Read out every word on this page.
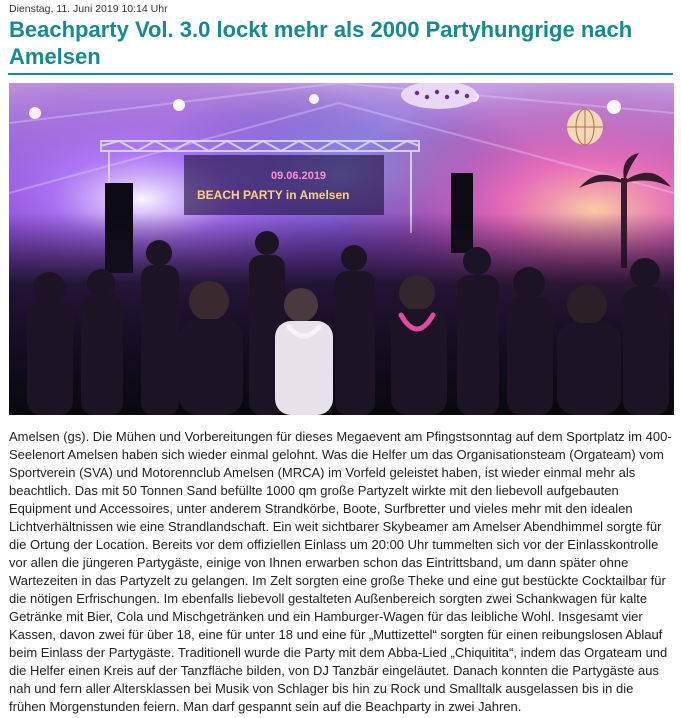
Dienstag, 11. Juni 2019 10:14 Uhr
Beachparty Vol. 3.0 lockt mehr als 2000 Partyhungrige nach Amelsen
09.06.2019
BEACH PARTY in Amelsen

Amelsen (gs). Die Mühen und Vorbereitungen für dieses Megaevent am Pfingstsonntag auf dem Sportplatz im 400-Seelenort Amelsen haben sich wieder einmal gelohnt. Was die Helfer um das Organisationsteam (Orgateam) vom Sportverein (SVA) und Motorennclub Amelsen (MRCA) im Vorfeld geleistet haben, ist wieder einmal mehr als beachtlich. Das mit 50 Tonnen Sand befüllte 1000 qm große Partyzelt wirkte mit den liebevoll aufgebauten Equipment und Accessoires, unter anderem Strandkörbe, Boote, Surfbretter und vieles mehr mit den idealen Lichtverhältnissen wie eine Strandlandschaft. Ein weit sichtbarer Skybeamer am Amelser Abendhimmel sorgte für die Ortung der Location. Bereits vor dem offiziellen Einlass um 20:00 Uhr tummelten sich vor der Einlasskontrolle vor allen die jüngeren Partygäste, einige von Ihnen erwarben schon das Eintrittsband, um dann später ohne Wartezeiten in das Partyzelt zu gelangen. Im Zelt sorgten eine große Theke und eine gut bestückte Cocktailbar für die nötigen Erfrischungen. Im ebenfalls liebevoll gestalteten Außenbereich sorgten zwei Schankwagen für kalte Getränke mit Bier, Cola und Mischgetränken und ein Hamburger-Wagen für das leibliche Wohl. Insgesamt vier Kassen, davon zwei für über 18, eine für unter 18 und eine für „Muttizettel“ sorgten für einen reibungslosen Ablauf beim Einlass der Partygäste. Traditionell wurde die Party mit dem Abba-Lied „Chiquitita“, indem das Orgateam und die Helfer einen Kreis auf der Tanzfläche bilden, von DJ Tanzbär eingeläutet. Danach konnten die Partygäste aus nah und fern aller Altersklassen bei Musik von Schlager bis hin zu Rock und Smalltalk ausgelassen bis in die frühen Morgenstunden feiern. Man darf gespannt sein auf die Beachparty in zwei Jahren.
